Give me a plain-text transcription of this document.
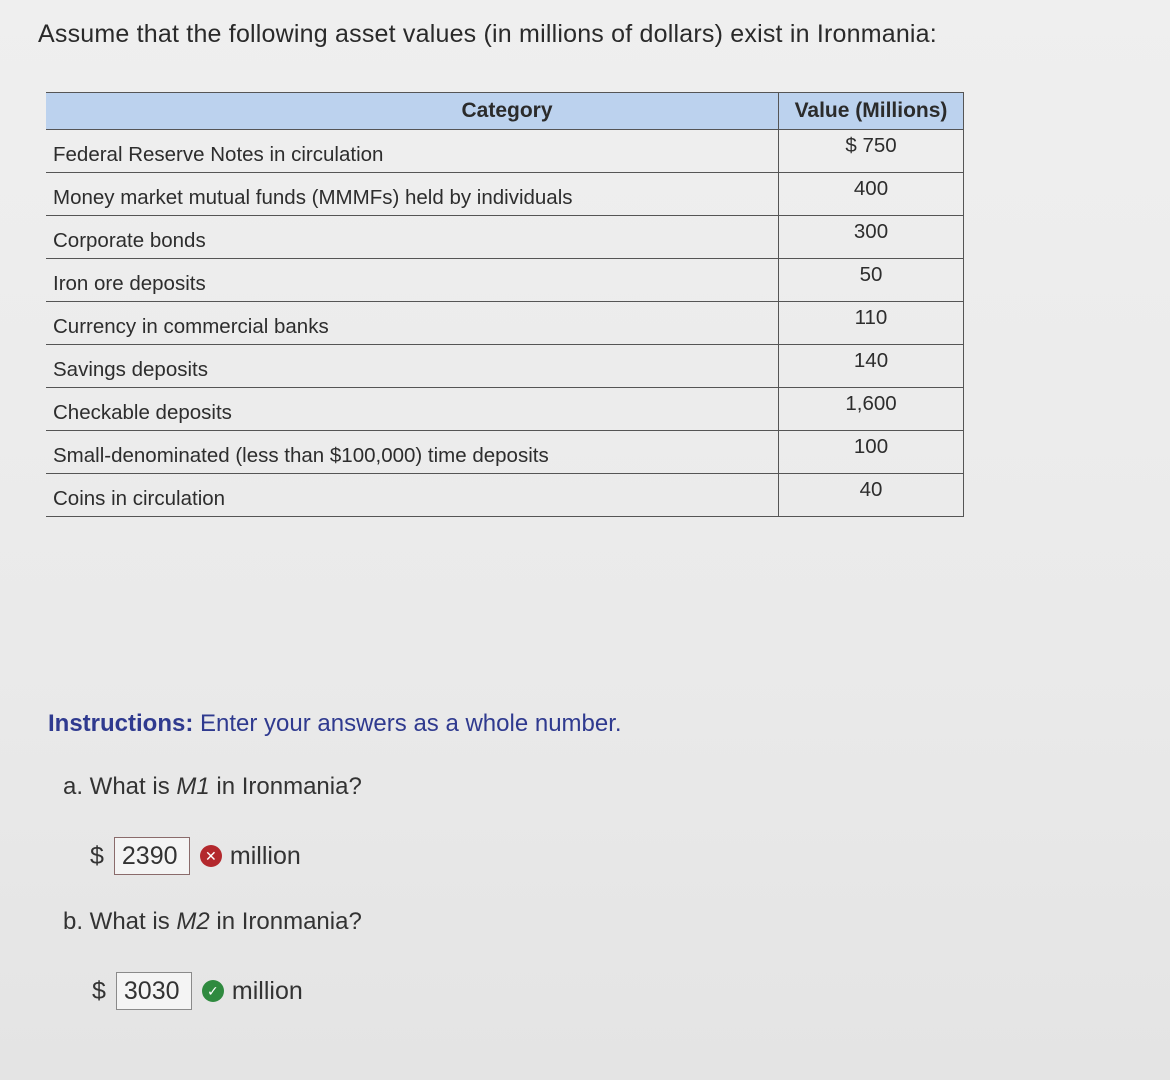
Assume that the following asset values (in millions of dollars) exist in Ironmania:
Category	Value (Millions)
Federal Reserve Notes in circulation	$ 750
Money market mutual funds (MMMFs) held by individuals	400
Corporate bonds	300
Iron ore deposits	50
Currency in commercial banks	110
Savings deposits	140
Checkable deposits	1,600
Small-denominated (less than $100,000) time deposits	100
Coins in circulation	40
Instructions: Enter your answers as a whole number.
a. What is M1 in Ironmania?
$ 2390	✕ million
b. What is M2 in Ironmania?
$ 3030	✓ million
